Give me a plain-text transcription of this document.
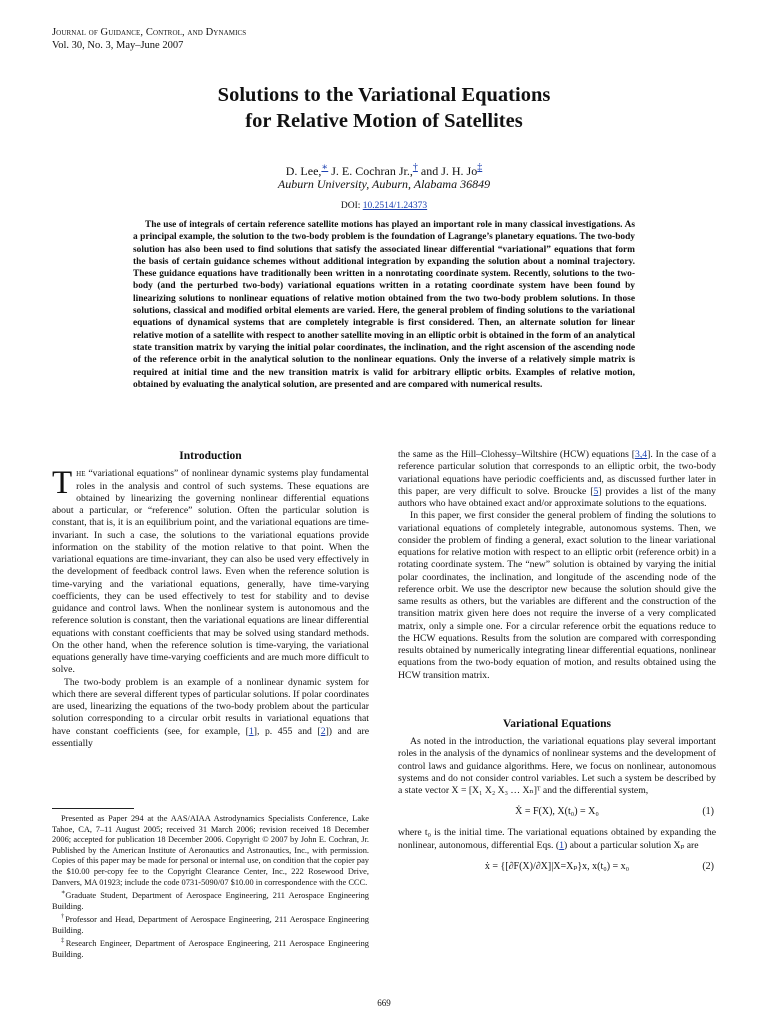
Journal of Guidance, Control, and Dynamics
Vol. 30, No. 3, May–June 2007
Solutions to the Variational Equations
for Relative Motion of Satellites
D. Lee,∗ J. E. Cochran Jr.,† and J. H. Jo‡
Auburn University, Auburn, Alabama 36849
DOI: 10.2514/1.24373

The use of integrals of certain reference satellite motions has played an important role in many classical investigations. As a principal example, the solution to the two-body problem is the foundation of Lagrange’s planetary equations. The two-body solution has also been used to find solutions that satisfy the associated linear differential “variational” equations that form the basis of certain guidance schemes without additional integration by expanding the solution about a nominal trajectory. These guidance equations have traditionally been written in a nonrotating coordinate system. Recently, solutions to the two-body (and the perturbed two-body) variational equations written in a rotating coordinate system have been found by linearizing solutions to nonlinear equations of relative motion obtained from the two two-body problem solutions. In those solutions, classical and modified orbital elements are varied. Here, the general problem of finding solutions to the variational equations of dynamical systems that are completely integrable is first considered. Then, an alternate solution for linear relative motion of a satellite with respect to another satellite moving in an elliptic orbit is obtained in the form of an analytical state transition matrix by varying the initial polar coordinates, the inclination, and the right ascension of the ascending node of the reference orbit in the analytical solution to the nonlinear equations. Only the inverse of a relatively simple matrix is required at initial time and the new transition matrix is valid for arbitrary elliptic orbits. Examples of relative motion, obtained by evaluating the analytical solution, are presented and are compared with numerical results.

Introduction

The “variational equations” of nonlinear dynamic systems play fundamental roles in the analysis and control of such systems. These equations are obtained by linearizing the governing nonlinear differential equations about a particular, or “reference” solution. Often the particular solution is constant, that is, it is an equilibrium point, and the variational equations are time-invariant. In such a case, the solutions to the variational equations provide information on the stability of the motion relative to that point. When the variational equations are time-invariant, they can also be used very effectively in the development of feedback control laws. Even when the reference solution is time-varying and the variational equations, generally, have time-varying coefficients, they can be used effectively to test for stability and to devise guidance and control laws. When the nonlinear system is autonomous and the reference solution is constant, then the variational equations are linear differential equations with constant coefficients that may be solved using standard methods. On the other hand, when the reference solution is time-varying, the variational equations generally have time-varying coefficients and are much more difficult to solve.

The two-body problem is an example of a nonlinear dynamic system for which there are several different types of particular solutions. If polar coordinates are used, linearizing the equations of the two-body problem about the particular solution corresponding to a circular orbit results in variational equations that have constant coefficients (see, for example, [1], p. 455 and [2]) and are essentially

Presented as Paper 294 at the AAS/AIAA Astrodynamics Specialists Conference, Lake Tahoe, CA, 7–11 August 2005; received 31 March 2006; revision received 18 December 2006; accepted for publication 18 December 2006. Copyright © 2007 by John E. Cochran, Jr. Published by the American Institute of Aeronautics and Astronautics, Inc., with permission. Copies of this paper may be made for personal or internal use, on condition that the copier pay the $10.00 per-copy fee to the Copyright Clearance Center, Inc., 222 Rosewood Drive, Danvers, MA 01923; include the code 0731-5090/07 $10.00 in correspondence with the CCC.

∗Graduate Student, Department of Aerospace Engineering, 211 Aerospace Engineering Building.

†Professor and Head, Department of Aerospace Engineering, 211 Aerospace Engineering Building.

‡Research Engineer, Department of Aerospace Engineering, 211 Aerospace Engineering Building.

the same as the Hill–Clohessy–Wiltshire (HCW) equations [3,4]. In the case of a reference particular solution that corresponds to an elliptic orbit, the two-body variational equations have periodic coefficients and, as discussed further later in this paper, are very difficult to solve. Broucke [5] provides a list of the many authors who have obtained exact and/or approximate solutions to the equations.

In this paper, we first consider the general problem of finding the solutions to variational equations of completely integrable, autonomous systems. Then, we consider the problem of finding a general, exact solution to the linear variational equations for relative motion with respect to an elliptic orbit (reference orbit) in a rotating coordinate system. The “new” solution is obtained by varying the initial polar coordinates, the inclination, and longitude of the ascending node of the reference orbit. We use the descriptor new because the solution should give the same results as others, but the variables are different and the construction of the transition matrix given here does not require the inverse of a very complicated matrix, only a simple one. For a circular reference orbit the equations reduce to the HCW equations. Results from the solution are compared with corresponding results obtained by numerically integrating linear differential equations, nonlinear equations from the two-body equation of motion, and results obtained using the HCW transition matrix.

Variational Equations

As noted in the introduction, the variational equations play several important roles in the analysis of the dynamics of nonlinear systems and the development of control laws and guidance algorithms. Here, we focus on nonlinear, autonomous systems and do not consider control variables. Let such a system be described by a state vector X = [X₁ X₂ X₃ … Xₙ]ᵀ and the differential system,

Ẋ = F(X), X(t₀) = X₀	(1)

where t₀ is the initial time. The variational equations obtained by expanding the nonlinear, autonomous, differential Eqs. (1) about a particular solution Xₚ are

ẋ = {[∂F(X)/∂X]|X=Xₚ}x, x(t₀) = x₀	(2)
669
